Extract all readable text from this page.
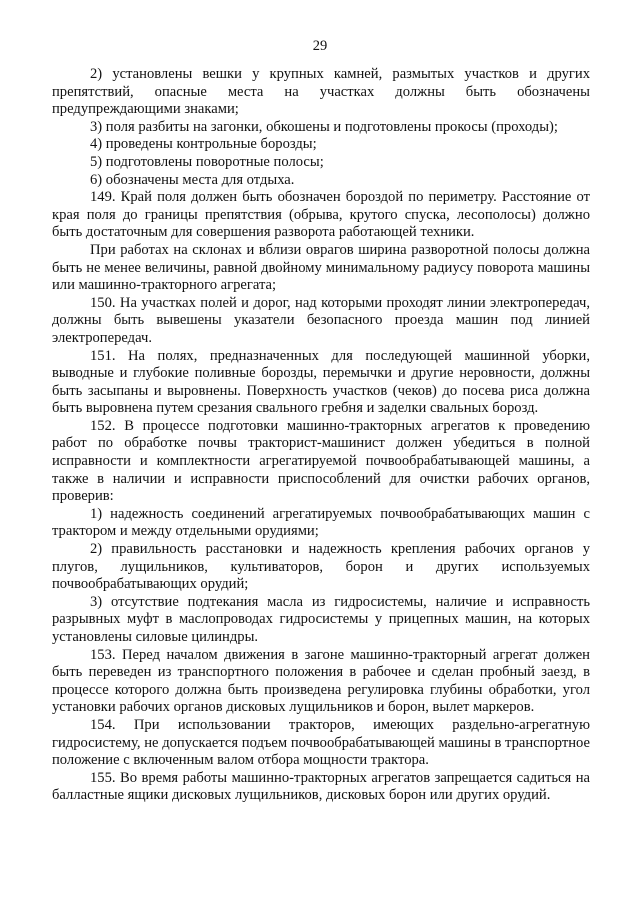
29

2) установлены вешки у крупных камней, размытых участков и других препятствий, опасные места на участках должны быть обозначены предупреждающими знаками;

3) поля разбиты на загонки, обкошены и подготовлены прокосы (проходы);

4) проведены контрольные борозды;

5) подготовлены поворотные полосы;

6) обозначены места для отдыха.

149. Край поля должен быть обозначен бороздой по периметру. Расстояние от края поля до границы препятствия (обрыва, крутого спуска, лесополосы) должно быть достаточным для совершения разворота работающей техники.

При работах на склонах и вблизи оврагов ширина разворотной полосы должна быть не менее величины, равной двойному минимальному радиусу поворота машины или машинно-тракторного агрегата;

150. На участках полей и дорог, над которыми проходят линии электропередач, должны быть вывешены указатели безопасного проезда машин под линией электропередач.

151. На полях, предназначенных для последующей машинной уборки, выводные и глубокие поливные борозды, перемычки и другие неровности, должны быть засыпаны и выровнены. Поверхность участков (чеков) до посева риса должна быть выровнена путем срезания свального гребня и заделки свальных борозд.

152. В процессе подготовки машинно-тракторных агрегатов к проведению работ по обработке почвы тракторист-машинист должен убедиться в полной исправности и комплектности агрегатируемой почвообрабатывающей машины, а также в наличии и исправности приспособлений для очистки рабочих органов, проверив:

1) надежность соединений агрегатируемых почвообрабатывающих машин с трактором и между отдельными орудиями;

2) правильность расстановки и надежность крепления рабочих органов у плугов, лущильников, культиваторов, борон и других используемых почвообрабатывающих орудий;

3) отсутствие подтекания масла из гидросистемы, наличие и исправность разрывных муфт в маслопроводах гидросистемы у прицепных машин, на которых установлены силовые цилиндры.

153. Перед началом движения в загоне машинно-тракторный агрегат должен быть переведен из транспортного положения в рабочее и сделан пробный заезд, в процессе которого должна быть произведена регулировка глубины обработки, угол установки рабочих органов дисковых лущильников и борон, вылет маркеров.

154. При использовании тракторов, имеющих раздельно-агрегатную гидросистему, не допускается подъем почвообрабатывающей машины в транспортное положение с включенным валом отбора мощности трактора.

155. Во время работы машинно-тракторных агрегатов запрещается садиться на балластные ящики дисковых лущильников, дисковых борон или других орудий.
